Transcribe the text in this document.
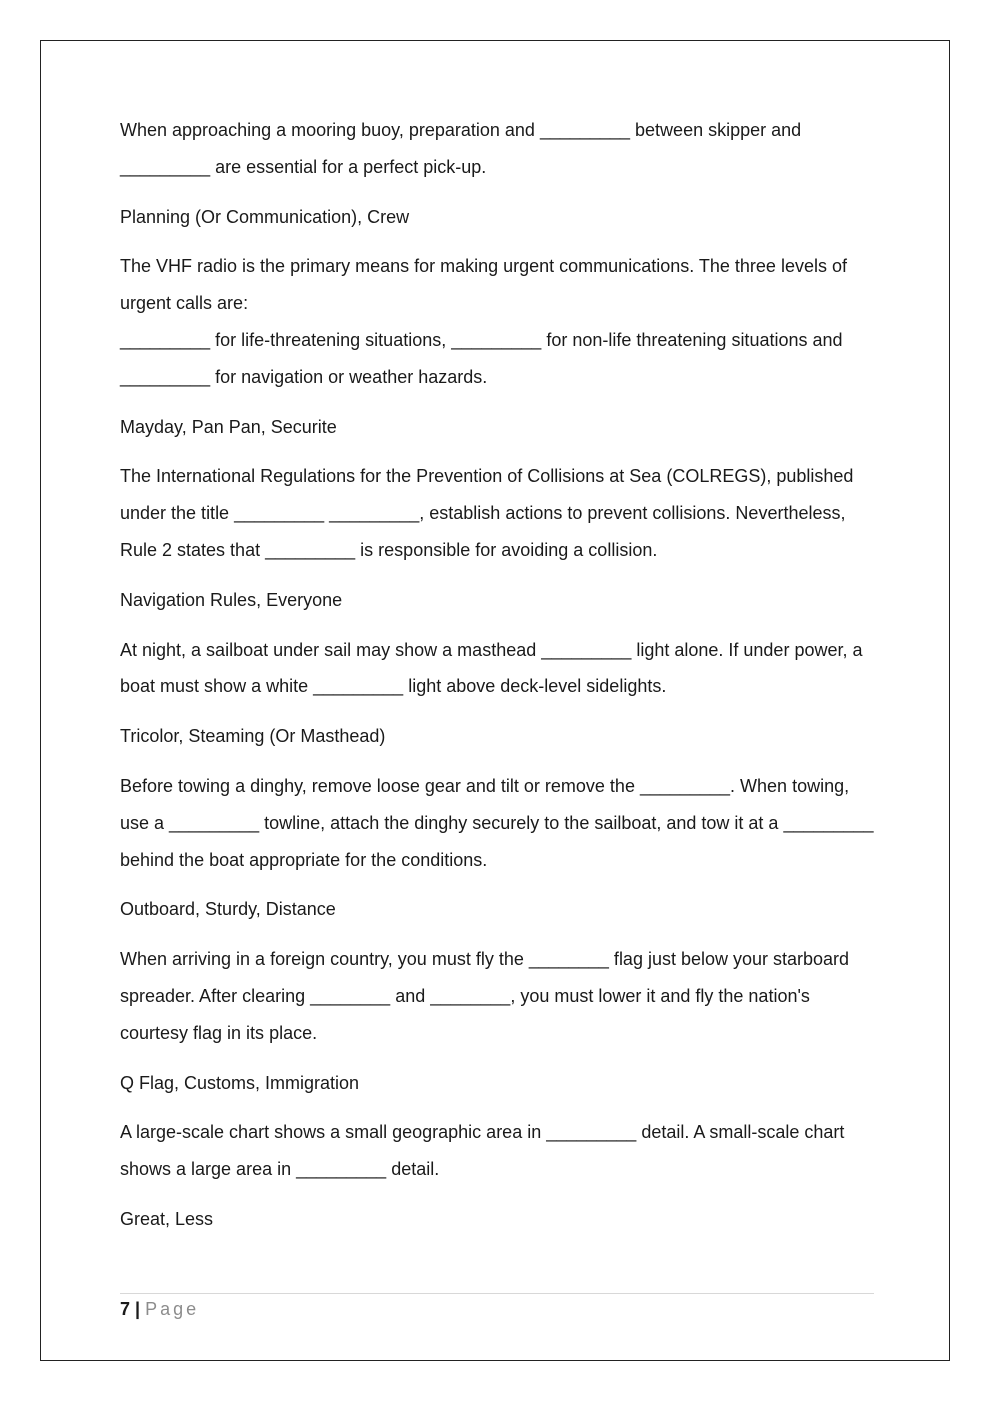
When approaching a mooring buoy, preparation and _________ between skipper and _________ are essential for a perfect pick-up.

Planning (Or Communication), Crew

The VHF radio is the primary means for making urgent communications. The three levels of urgent calls are:
_________ for life-threatening situations, _________ for non-life threatening situations and _________ for navigation or weather hazards.

Mayday, Pan Pan, Securite

The International Regulations for the Prevention of Collisions at Sea (COLREGS), published under the title _________ _________, establish actions to prevent collisions. Nevertheless, Rule 2 states that _________ is responsible for avoiding a collision.

Navigation Rules, Everyone

At night, a sailboat under sail may show a masthead _________ light alone. If under power, a boat must show a white _________ light above deck-level sidelights.

Tricolor, Steaming (Or Masthead)

Before towing a dinghy, remove loose gear and tilt or remove the _________. When towing, use a _________ towline, attach the dinghy securely to the sailboat, and tow it at a _________ behind the boat appropriate for the conditions.

Outboard, Sturdy, Distance

When arriving in a foreign country, you must fly the ________ flag just below your starboard spreader. After clearing ________ and ________, you must lower it and fly the nation's courtesy flag in its place.

Q Flag, Customs, Immigration

A large-scale chart shows a small geographic area in _________ detail. A small-scale chart shows a large area in _________ detail.

Great, Less

7 | Page
